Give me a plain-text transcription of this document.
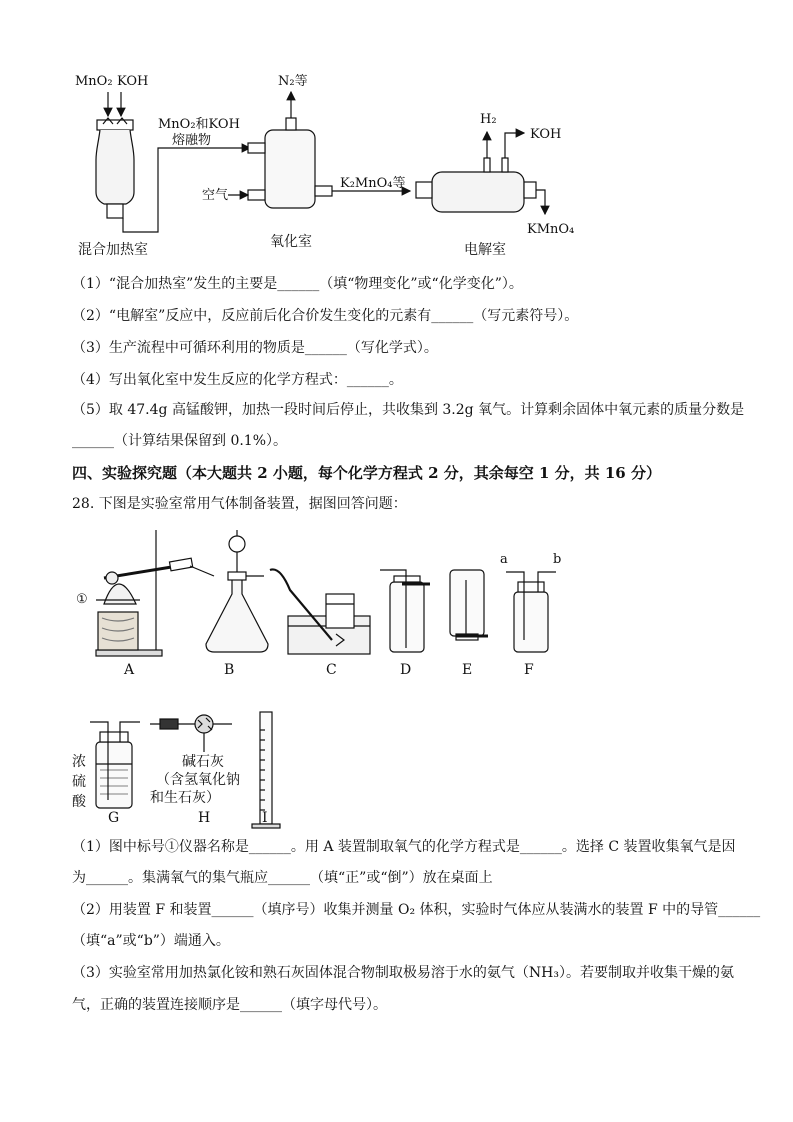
MnO₂ KOH	N₂等
MnO₂和KOH
熔融物
空气
K₂MnO₄等
H₂
KOH
KMnO₄
混合加热室	氧化室	电解室
（1）“混合加热室”发生的主要是______（填“物理变化”或“化学变化”）。
（2）“电解室”反应中，反应前后化合价发生变化的元素有______（写元素符号）。
（3）生产流程中可循环利用的物质是______（写化学式）。
（4）写出氧化室中发生反应的化学方程式：______。
（5）取 47.4g 高锰酸钾，加热一段时间后停止，共收集到 3.2g 氧气。计算剩余固体中氧元素的质量分数是
______（计算结果保留到 0.1%）。
四、实验探究题（本大题共 2 小题，每个化学方程式 2 分，其余每空 1 分，共 16 分）
28. 下图是实验室常用气体制备装置，据图回答问题：
①
a	b
A	B	C	D	E	F
浓
硫
酸
碱石灰
（含氢氧化钠
和生石灰）
G	H	I
（1）图中标号①仪器名称是______。用 A 装置制取氧气的化学方程式是______。选择 C 装置收集氧气是因
为______。集满氧气的集气瓶应______（填“正”或“倒”）放在桌面上
（2）用装置 F 和装置______（填序号）收集并测量 O₂ 体积，实验时气体应从装满水的装置 F 中的导管______
（填“a”或“b”）端通入。
（3）实验室常用加热氯化铵和熟石灰固体混合物制取极易溶于水的氨气（NH₃）。若要制取并收集干燥的氨
气，正确的装置连接顺序是______（填字母代号）。
